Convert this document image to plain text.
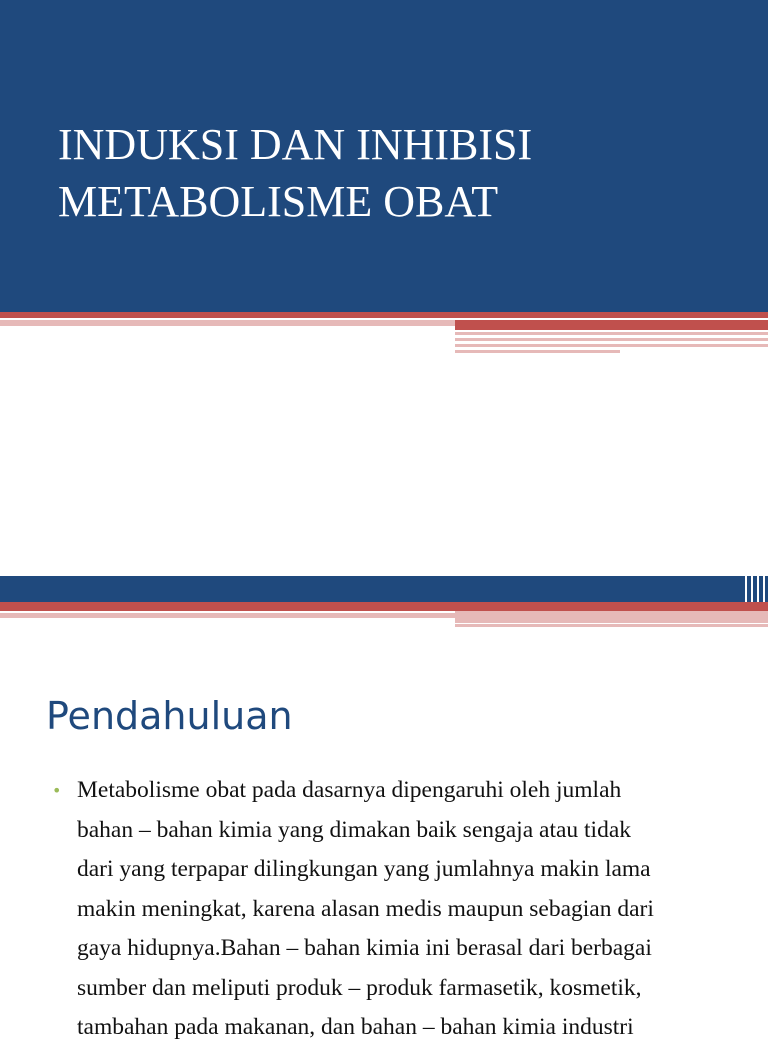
INDUKSI DAN INHIBISI
METABOLISME OBAT
Pendahuluan
• Metabolisme obat pada dasarnya dipengaruhi oleh jumlah
bahan – bahan kimia yang dimakan baik sengaja atau tidak
dari yang terpapar dilingkungan yang jumlahnya makin lama
makin meningkat, karena alasan medis maupun sebagian dari
gaya hidupnya.Bahan – bahan kimia ini berasal dari berbagai
sumber dan meliputi produk – produk farmasetik, kosmetik,
tambahan pada makanan, dan bahan – bahan kimia industri
